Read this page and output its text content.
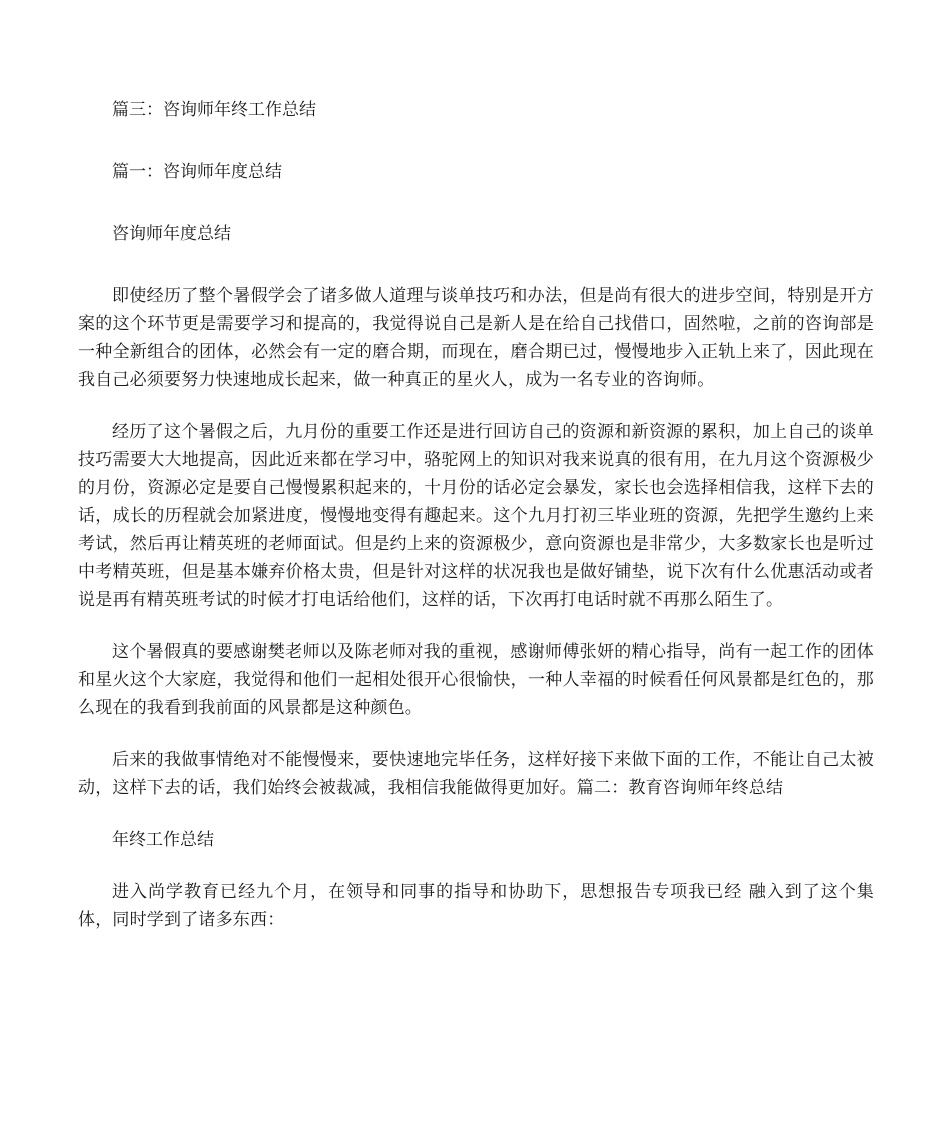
篇三：咨询师年终工作总结

篇一：咨询师年度总结

咨询师年度总结

即使经历了整个暑假学会了诸多做人道理与谈单技巧和办法，但是尚有很大的进步空间，特别是开方案的这个环节更是需要学习和提高的，我觉得说自己是新人是在给自己找借口，固然啦，之前的咨询部是一种全新组合的团体，必然会有一定的磨合期，而现在，磨合期已过，慢慢地步入正轨上来了，因此现在我自己必须要努力快速地成长起来，做一种真正的星火人，成为一名专业的咨询师。

经历了这个暑假之后，九月份的重要工作还是进行回访自己的资源和新资源的累积，加上自己的谈单技巧需要大大地提高，因此近来都在学习中，骆驼网上的知识对我来说真的很有用，在九月这个资源极少的月份，资源必定是要自己慢慢累积起来的，十月份的话必定会暴发，家长也会选择相信我，这样下去的话，成长的历程就会加紧进度，慢慢地变得有趣起来。这个九月打初三毕业班的资源，先把学生邀约上来考试，然后再让精英班的老师面试。但是约上来的资源极少，意向资源也是非常少，大多数家长也是听过中考精英班，但是基本嫌弃价格太贵，但是针对这样的状况我也是做好铺垫，说下次有什么优惠活动或者说是再有精英班考试的时候才打电话给他们，这样的话，下次再打电话时就不再那么陌生了。

这个暑假真的要感谢樊老师以及陈老师对我的重视，感谢师傅张妍的精心指导，尚有一起工作的团体和星火这个大家庭，我觉得和他们一起相处很开心很愉快，一种人幸福的时候看任何风景都是红色的，那么现在的我看到我前面的风景都是这种颜色。

后来的我做事情绝对不能慢慢来，要快速地完毕任务，这样好接下来做下面的工作，不能让自己太被动，这样下去的话，我们始终会被裁减，我相信我能做得更加好。篇二：教育咨询师年终总结

年终工作总结

进入尚学教育已经九个月，在领导和同事的指导和协助下，思想报告专项我已经 融入到了这个集体，同时学到了诸多东西：
